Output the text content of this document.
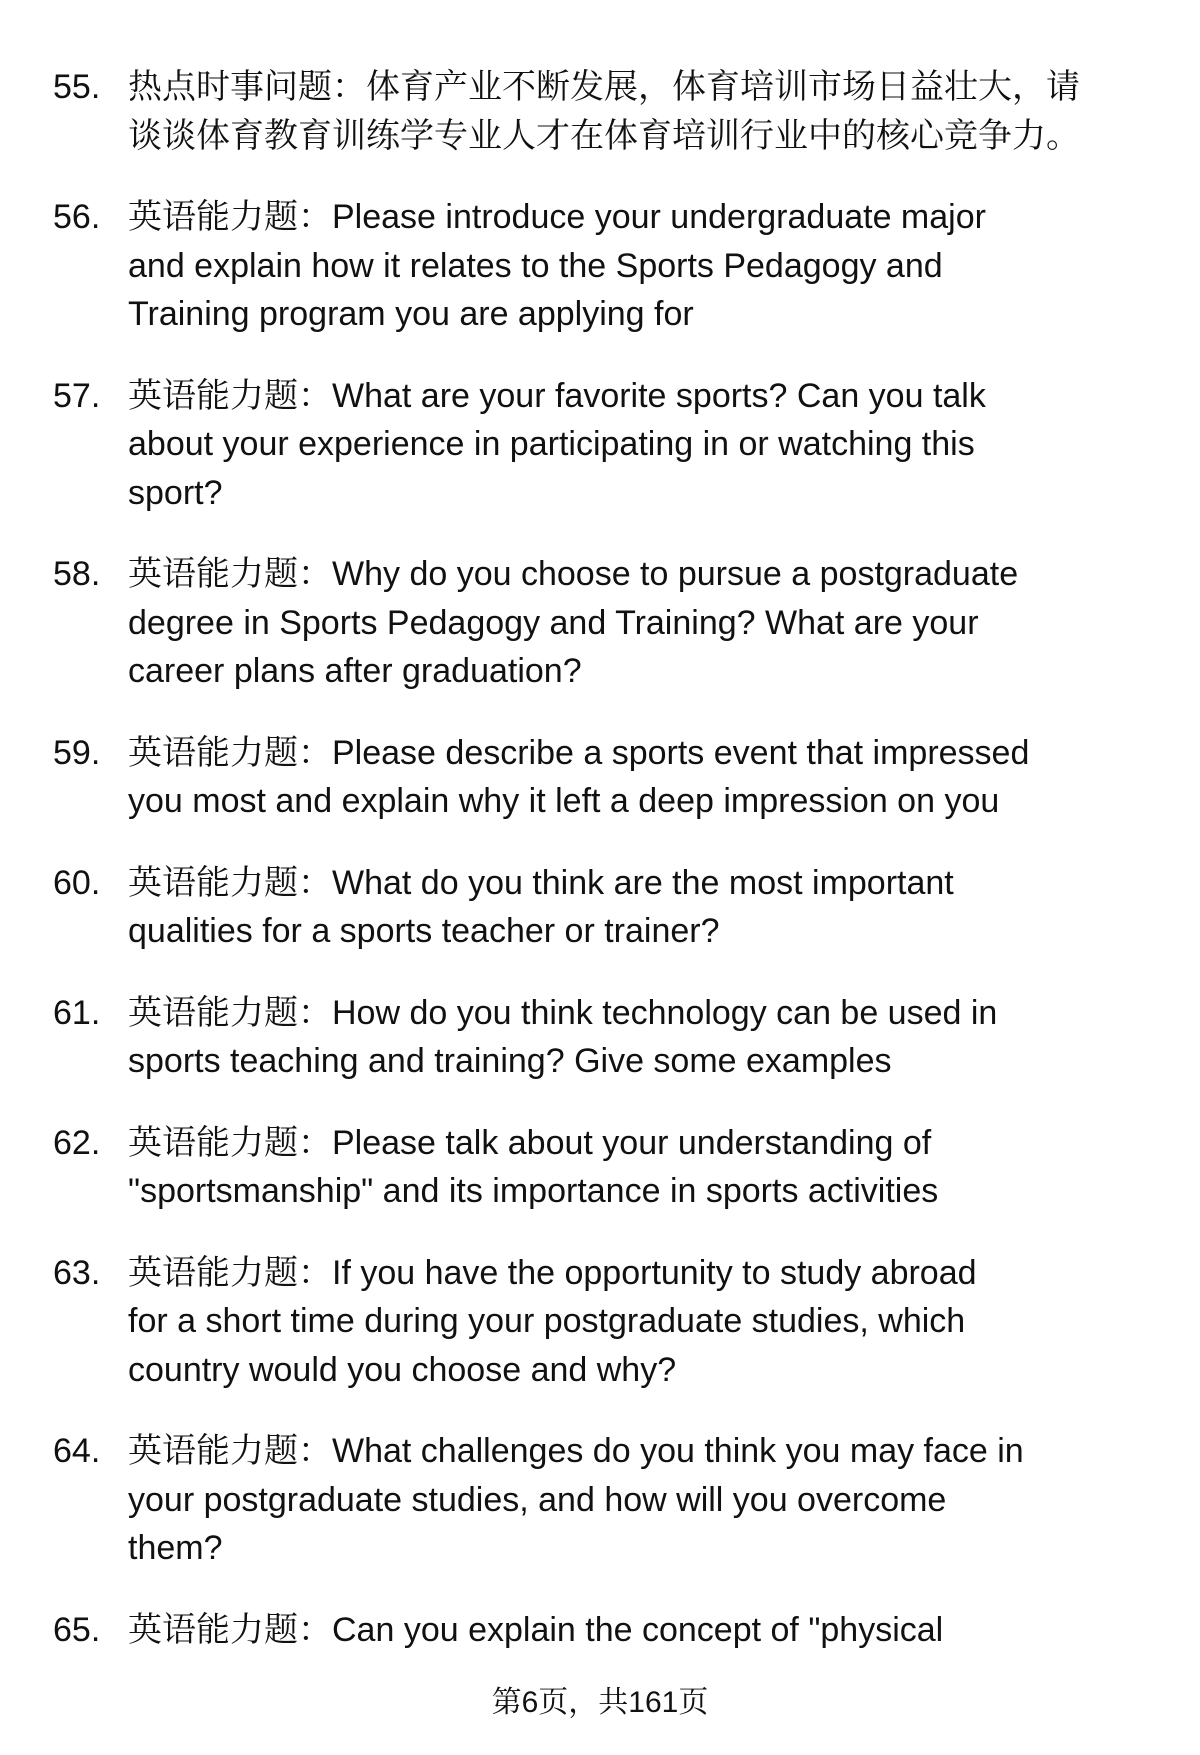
55. 热点时事问题：体育产业不断发展，体育培训市场日益壮大，请
谈谈体育教育训练学专业人才在体育培训行业中的核心竞争力。
56. 英语能力题：Please introduce your undergraduate major
and explain how it relates to the Sports Pedagogy and
Training program you are applying for
57. 英语能力题：What are your favorite sports? Can you talk
about your experience in participating in or watching this
sport?
58. 英语能力题：Why do you choose to pursue a postgraduate
degree in Sports Pedagogy and Training? What are your
career plans after graduation?
59. 英语能力题：Please describe a sports event that impressed
you most and explain why it left a deep impression on you
60. 英语能力题：What do you think are the most important
qualities for a sports teacher or trainer?
61. 英语能力题：How do you think technology can be used in
sports teaching and training? Give some examples
62. 英语能力题：Please talk about your understanding of
"sportsmanship" and its importance in sports activities
63. 英语能力题：If you have the opportunity to study abroad
for a short time during your postgraduate studies, which
country would you choose and why?
64. 英语能力题：What challenges do you think you may face in
your postgraduate studies, and how will you overcome
them?
65. 英语能力题：Can you explain the concept of "physical
第6页，共161页
